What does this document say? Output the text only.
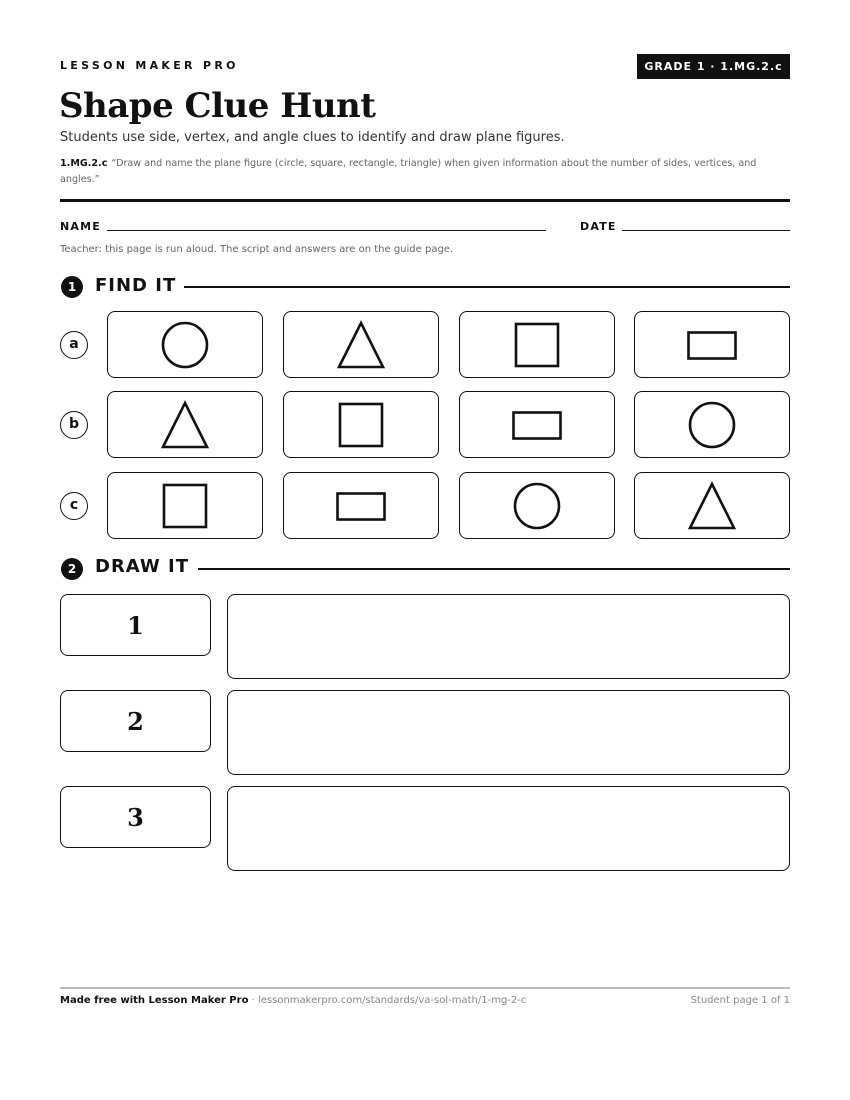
LESSON MAKER PRO	GRADE 1 · 1.MG.2.c
Shape Clue Hunt

Students use side, vertex, and angle clues to identify and draw plane figures.

1.MG.2.c “Draw and name the plane figure (circle, square, rectangle, triangle) when given information about the number of sides, vertices, and angles.”

NAME	DATE

Teacher: this page is run aloud. The script and answers are on the guide page.

1	FIND IT
a
b
c
2	DRAW IT
1
2
3

Made free with Lesson Maker Pro · lessonmakerpro.com/standards/va-sol-math/1-mg-2-c	Student page 1 of 1
